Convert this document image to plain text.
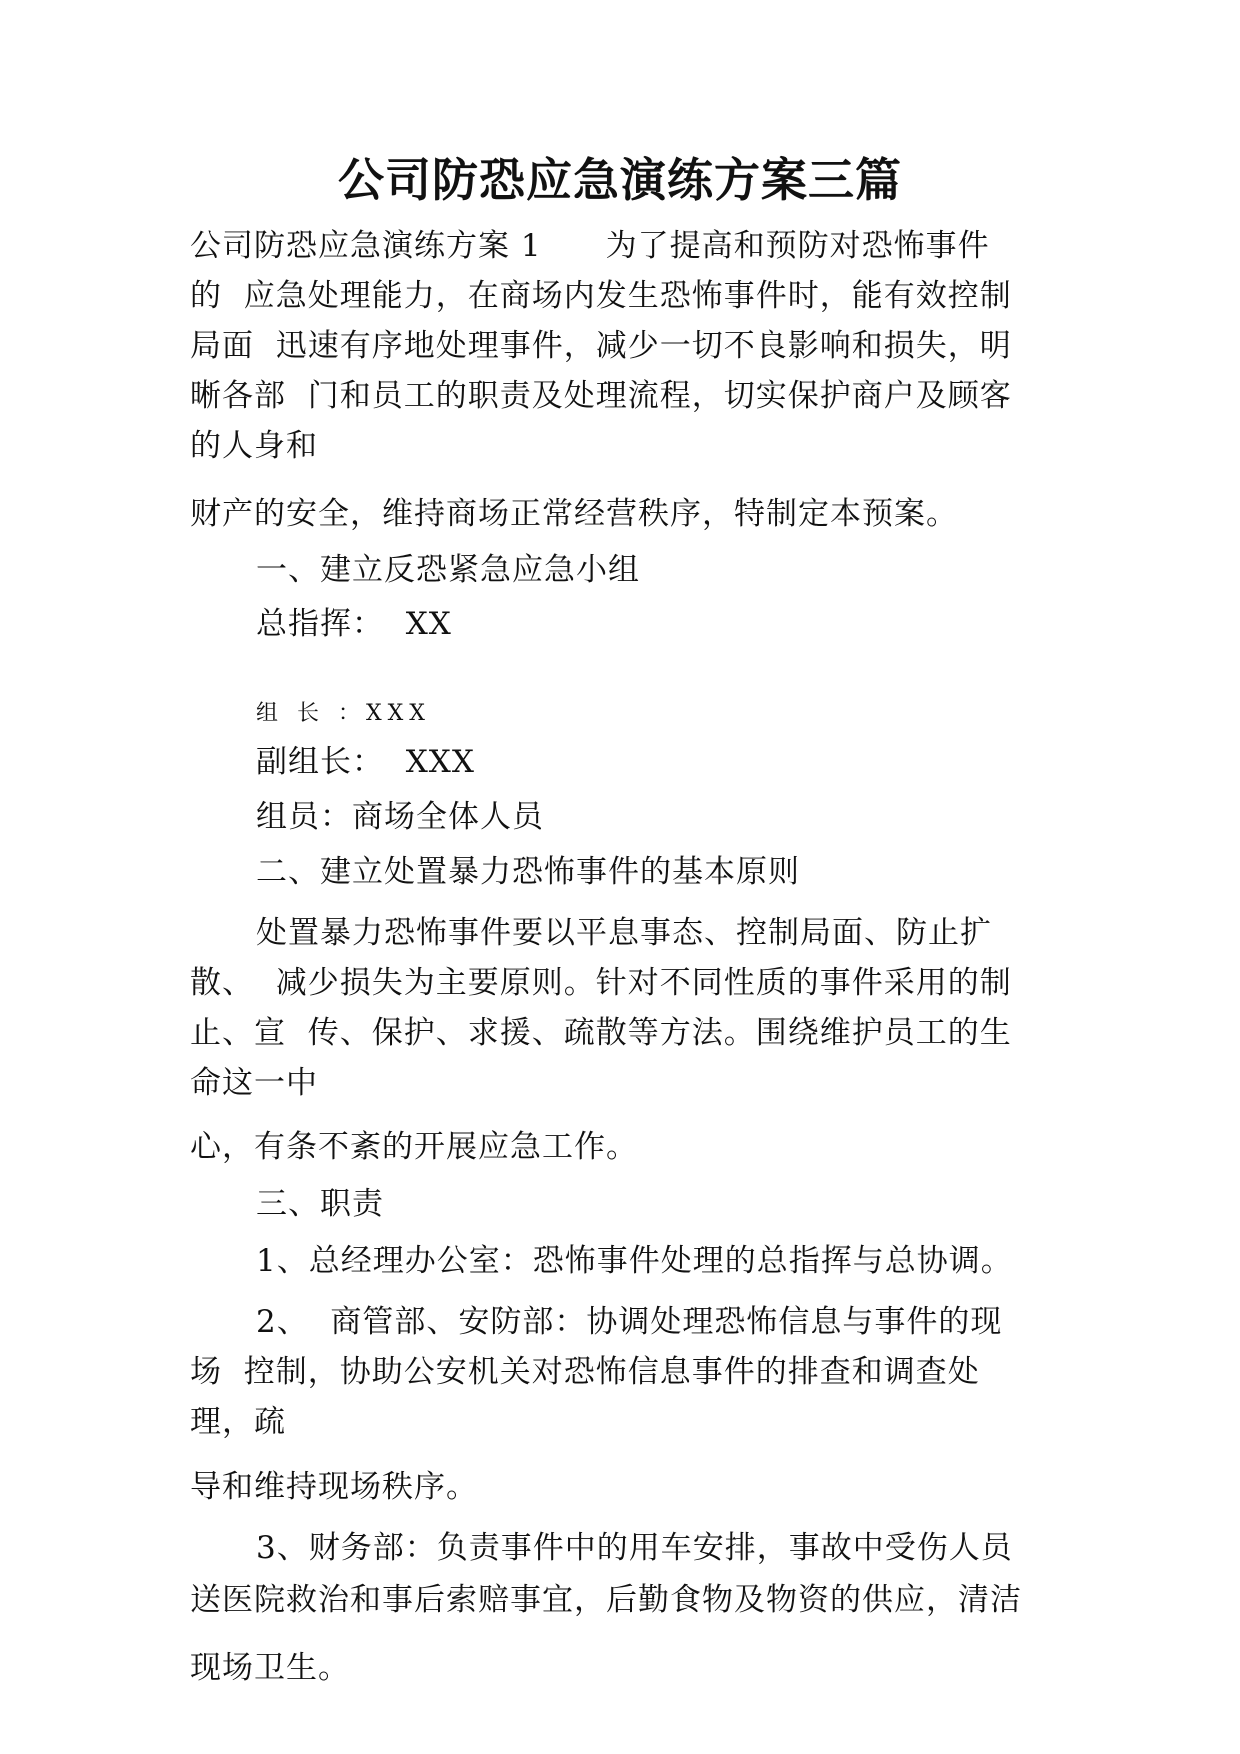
公司防恐应急演练方案三篇
公司防恐应急演练方案 1　　为了提高和预防对恐怖事件
的  应急处理能力，在商场内发生恐怖事件时，能有效控制
局面  迅速有序地处理事件，减少一切不良影响和损失，明
晰各部  门和员工的职责及处理流程，切实保护商户及顾客
的人身和
财产的安全，维持商场正常经营秩序，特制定本预案。
一、建立反恐紧急应急小组
总指挥：  XX
组 长 ：XXX
副组长：  XXX
组员：商场全体人员
二、建立处置暴力恐怖事件的基本原则
处置暴力恐怖事件要以平息事态、控制局面、防止扩
散、  减少损失为主要原则。针对不同性质的事件采用的制
止、宣  传、保护、求援、疏散等方法。围绕维护员工的生
命这一中
心，有条不紊的开展应急工作。
三、职责
1、总经理办公室：恐怖事件处理的总指挥与总协调。
2、  商管部、安防部：协调处理恐怖信息与事件的现
场  控制，协助公安机关对恐怖信息事件的排查和调查处
理，疏
导和维持现场秩序。
3、财务部：负责事件中的用车安排，事故中受伤人员
送医院救治和事后索赔事宜，后勤食物及物资的供应，清洁
现场卫生。
